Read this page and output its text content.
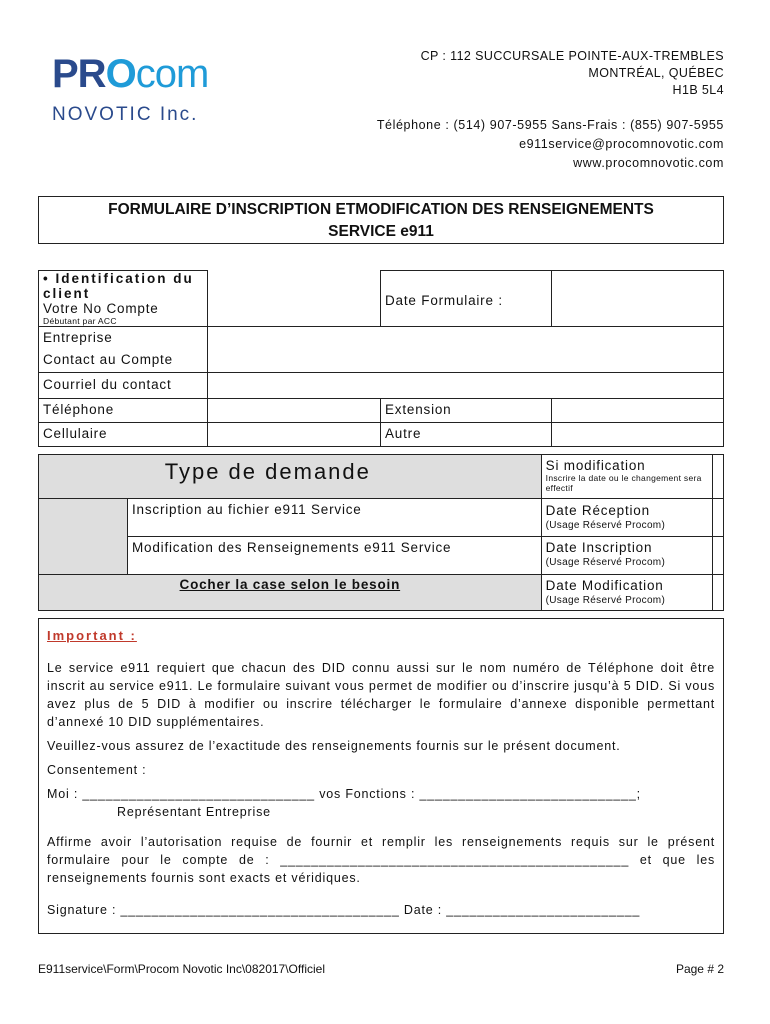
PROcom
NOVOTIC Inc.
CP : 112 SUCCURSALE POINTE-AUX-TREMBLES
MONTRÉAL, QUÉBEC
H1B 5L4
Téléphone : (514) 907-5955 Sans-Frais : (855) 907-5955
e911service@procomnovotic.com
www.procomnovotic.com
FORMULAIRE D’INSCRIPTION ETMODIFICATION DES RENSEIGNEMENTS
SERVICE e911
• Identification du client
Votre No Compte
Débutant par ACC		Date Formulaire :	

Entreprise
Contact au Compte			

Courriel du contact			
Téléphone		Extension	
Cellulaire		Autre	
Type de demande		Si modification
Inscrire la date ou le changement sera effectif	

	Inscription au fichier e911 Service	Date Réception
(Usage Réservé Procom)	

	Modification des Renseignements e911 Service	Date Inscription
(Usage Réservé Procom)	

Cocher la case selon le besoin		Date Modification
(Usage Réservé Procom)	

Important :

Le service e911 requiert que chacun des DID connu aussi sur le nom numéro de Téléphone doit être inscrit au service e911. Le formulaire suivant vous permet de modifier ou d’inscrire jusqu’à 5 DID. Si vous avez plus de 5 DID à modifier ou inscrire télécharger le formulaire d’annexe disponible permettant d’annexé 10 DID supplémentaires.

Veuillez-vous assurez de l’exactitude des renseignements fournis sur le présent document.

Consentement :

Moi : ______________________________ vos Fonctions : ____________________________;

Représentant Entreprise

Affirme avoir l’autorisation requise de fournir et remplir les renseignements requis sur le présent formulaire pour le compte de : _____________________________________________ et que les renseignements fournis sont exacts et véridiques.

Signature : ____________________________________ Date : _________________________

E911service\Form\Procom Novotic Inc\082017\Officiel	Page # 2
